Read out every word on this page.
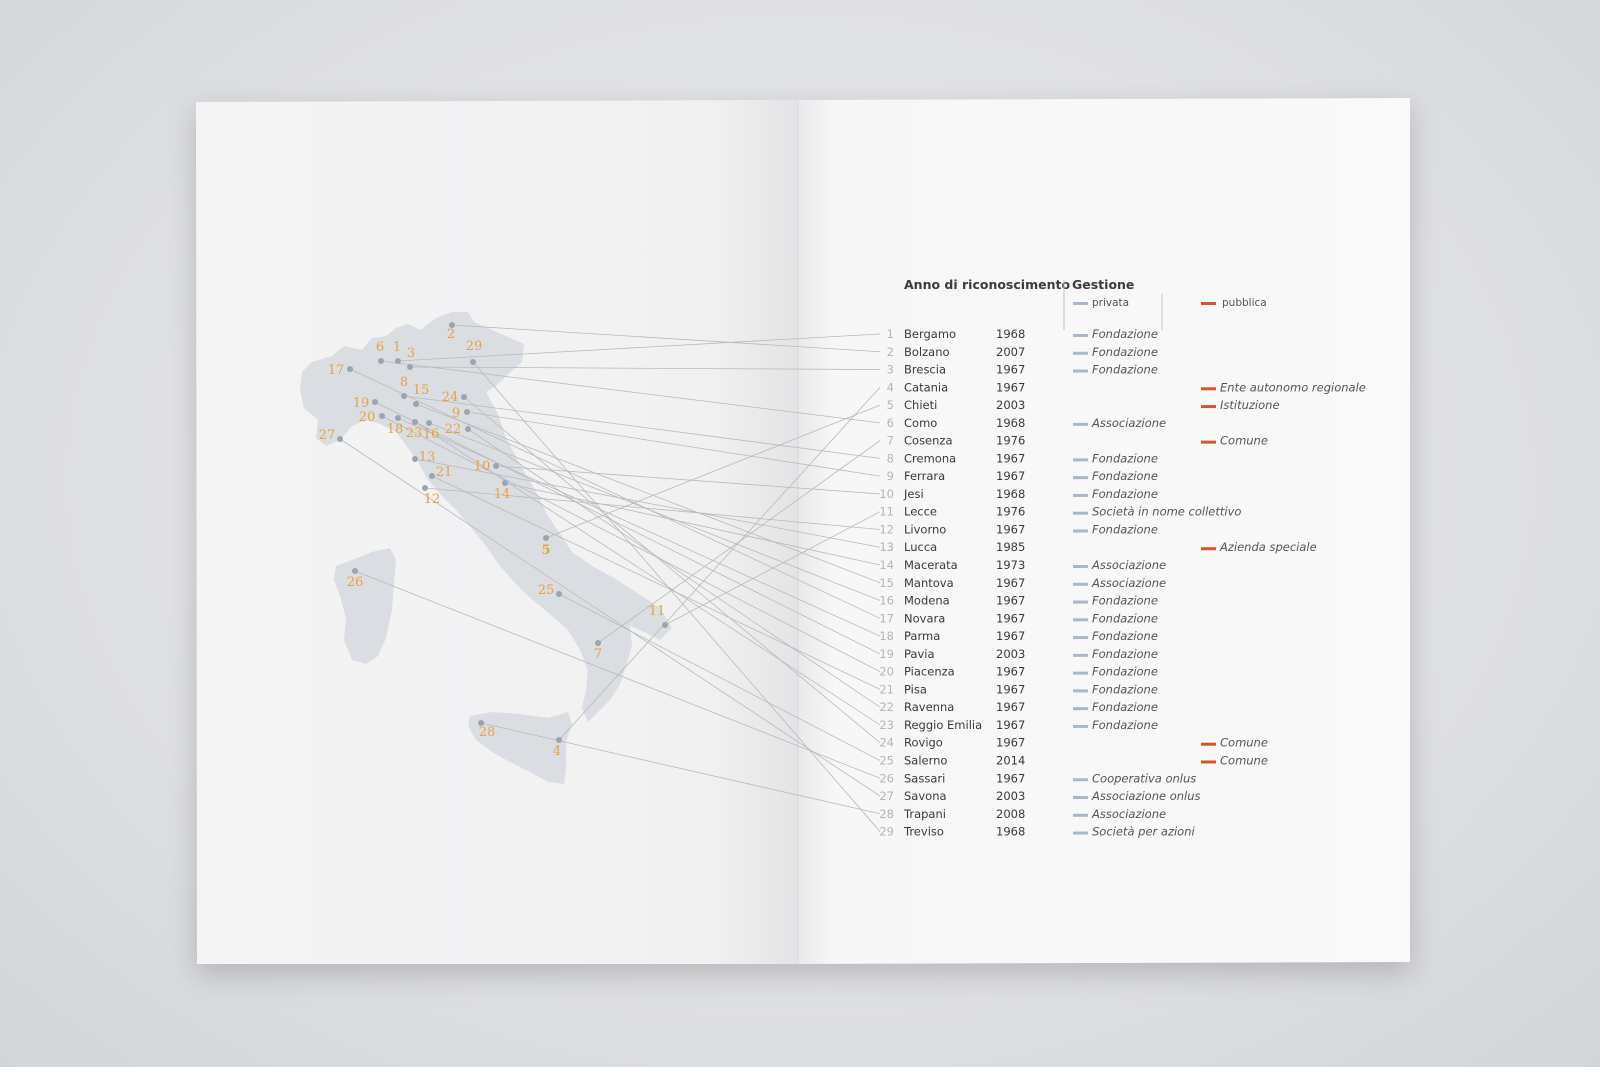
1
2
3
4
5
6
7
8
9
10
11
12
13
14
15
16
17
18
19
20
21
22
23
24
25
26
27
28
29
Anno di riconoscimento Gestione
privata	pubblica
1 Bergamo	1968	Fondazione
2 Bolzano	2007	Fondazione
3 Brescia	1967	Fondazione
4 Catania	1967	Ente autonomo regionale
5 Chieti	2003	Istituzione
6 Como	1968	Associazione
7 Cosenza	1976	Comune
8 Cremona	1967	Fondazione
9 Ferrara	1967	Fondazione
10 Jesi	1968	Fondazione
11 Lecce	1976	Società in nome collettivo
12 Livorno	1967	Fondazione
13 Lucca	1985	Azienda speciale
14 Macerata	1973	Associazione
15 Mantova	1967	Associazione
16 Modena	1967	Fondazione
17 Novara	1967	Fondazione
18 Parma	1967	Fondazione
19 Pavia	2003	Fondazione
20 Piacenza	1967	Fondazione
21 Pisa	1967	Fondazione
22 Ravenna	1967	Fondazione
23 Reggio Emilia 1967	Fondazione
24 Rovigo	1967	Comune
25 Salerno	2014	Comune
26 Sassari	1967	Cooperativa onlus
27 Savona	2003	Associazione onlus
28 Trapani	2008	Associazione
29 Treviso	1968	Società per azioni
